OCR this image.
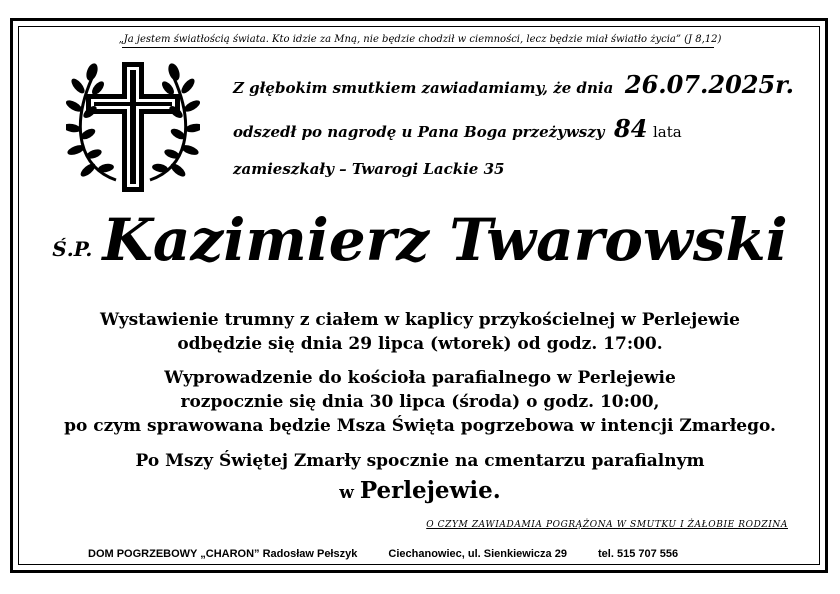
„Ja jestem światłością świata. Kto idzie za Mną, nie będzie chodził w ciemności, lecz będzie miał światło życia” (J 8,12)
Z głębokim smutkiem zawiadamiamy, że dnia 26.07.2025r.
odszedł po nagrodę u Pana Boga przeżywszy 84 lata
zamieszkały – Twarogi Lackie 35
Ś.P. Kazimierz Twarowski
Wystawienie trumny z ciałem w kaplicy przykościelnej w Perlejewie
odbędzie się dnia 29 lipca (wtorek) od godz. 17:00.
Wyprowadzenie do kościoła parafialnego w Perlejewie
rozpocznie się dnia 30 lipca (środa) o godz. 10:00,
po czym sprawowana będzie Msza Święta pogrzebowa w intencji Zmarłego.
Po Mszy Świętej Zmarły spocznie na cmentarzu parafialnym
w Perlejewie.
O CZYM ZAWIADAMIA POGRĄŻONA W SMUTKU I ŻAŁOBIE RODZINA
DOM POGRZEBOWY „CHARON” Radosław Pełszyk	Ciechanowiec, ul. Sienkiewicza 29	tel. 515 707 556
